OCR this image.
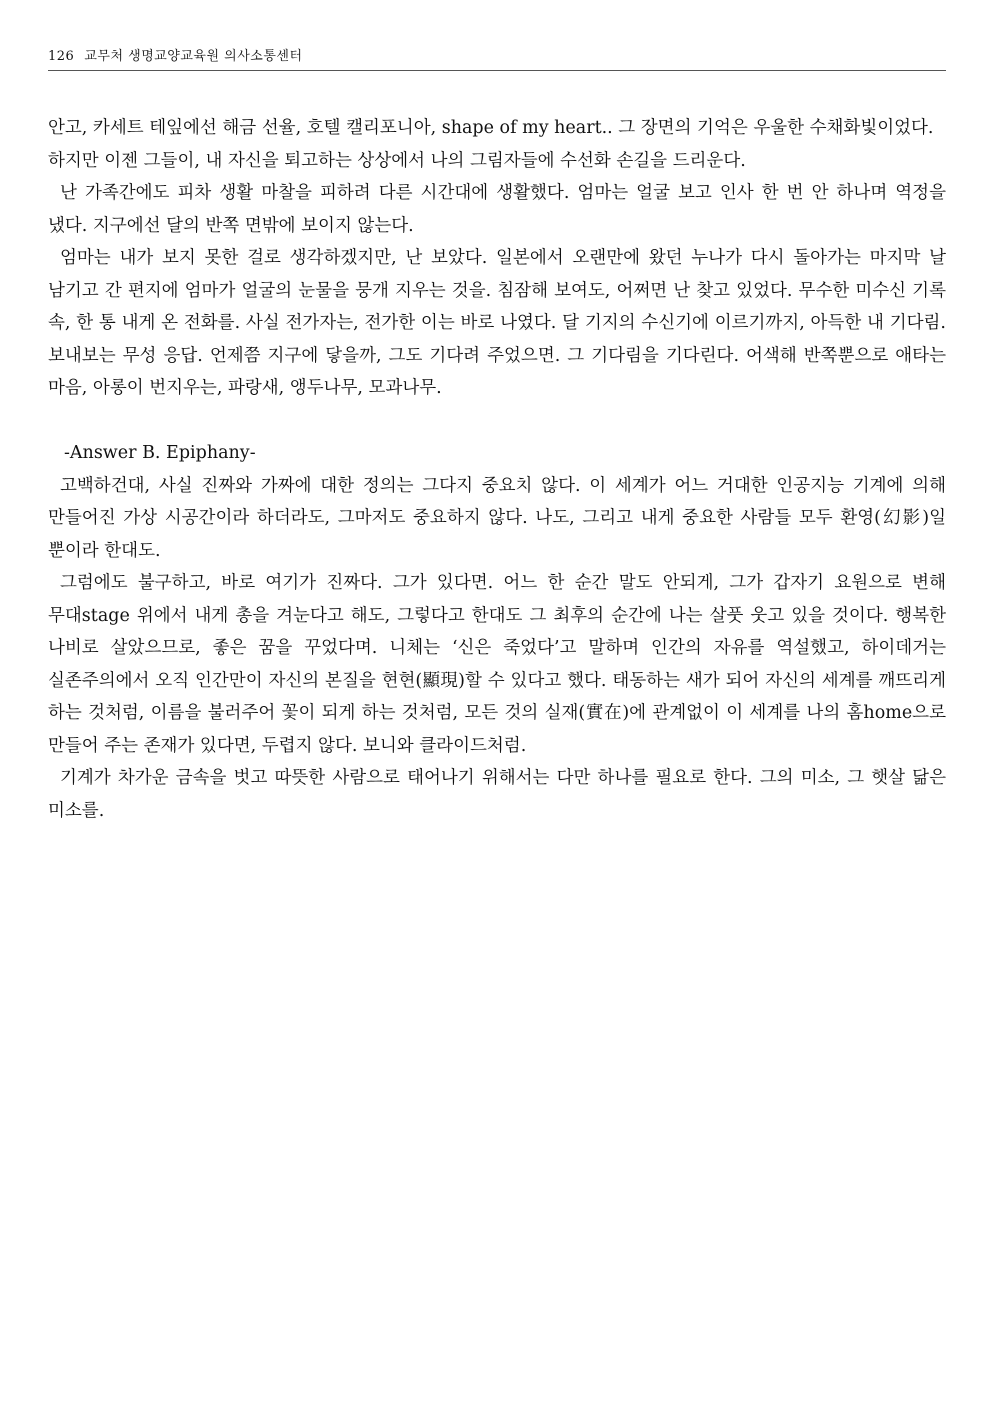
126 교무처 생명교양교육원 의사소통센터

안고, 카세트 테잎에선 해금 선율, 호텔 캘리포니아, shape of my heart.. 그 장면의 기억은 우울한 수채화빛이었다.

하지만 이젠 그들이, 내 자신을 퇴고하는 상상에서 나의 그림자들에 수선화 손길을 드리운다.

난 가족간에도 피차 생활 마찰을 피하려 다른 시간대에 생활했다. 엄마는 얼굴 보고 인사 한 번 안 하나며 역정을 냈다. 지구에선 달의 반쪽 면밖에 보이지 않는다.

엄마는 내가 보지 못한 걸로 생각하겠지만, 난 보았다. 일본에서 오랜만에 왔던 누나가 다시 돌아가는 마지막 날 남기고 간 편지에 엄마가 얼굴의 눈물을 뭉개 지우는 것을. 침잠해 보여도, 어쩌면 난 찾고 있었다. 무수한 미수신 기록 속, 한 통 내게 온 전화를. 사실 전가자는, 전가한 이는 바로 나였다. 달 기지의 수신기에 이르기까지, 아득한 내 기다림. 보내보는 무성 응답. 언제쯤 지구에 닿을까, 그도 기다려 주었으면. 그 기다림을 기다린다. 어색해 반쪽뿐으로 애타는 마음, 아롱이 번지우는, 파랑새, 앵두나무, 모과나무.

-Answer B. Epiphany-

고백하건대, 사실 진짜와 가짜에 대한 정의는 그다지 중요치 않다. 이 세계가 어느 거대한 인공지능 기계에 의해 만들어진 가상 시공간이라 하더라도, 그마저도 중요하지 않다. 나도, 그리고 내게 중요한 사람들 모두 환영(幻影)일 뿐이라 한대도.

그럼에도 불구하고, 바로 여기가 진짜다. 그가 있다면. 어느 한 순간 말도 안되게, 그가 갑자기 요원으로 변해 무대stage 위에서 내게 총을 겨눈다고 해도, 그렇다고 한대도 그 최후의 순간에 나는 살풋 웃고 있을 것이다. 행복한 나비로 살았으므로, 좋은 꿈을 꾸었다며. 니체는 ‘신은 죽었다’고 말하며 인간의 자유를 역설했고, 하이데거는 실존주의에서 오직 인간만이 자신의 본질을 현현(顯現)할 수 있다고 했다. 태동하는 새가 되어 자신의 세계를 깨뜨리게 하는 것처럼, 이름을 불러주어 꽃이 되게 하는 것처럼, 모든 것의 실재(實在)에 관계없이 이 세계를 나의 홈home으로 만들어 주는 존재가 있다면, 두렵지 않다. 보니와 클라이드처럼.

기계가 차가운 금속을 벗고 따뜻한 사람으로 태어나기 위해서는 다만 하나를 필요로 한다. 그의 미소, 그 햇살 닮은 미소를.
